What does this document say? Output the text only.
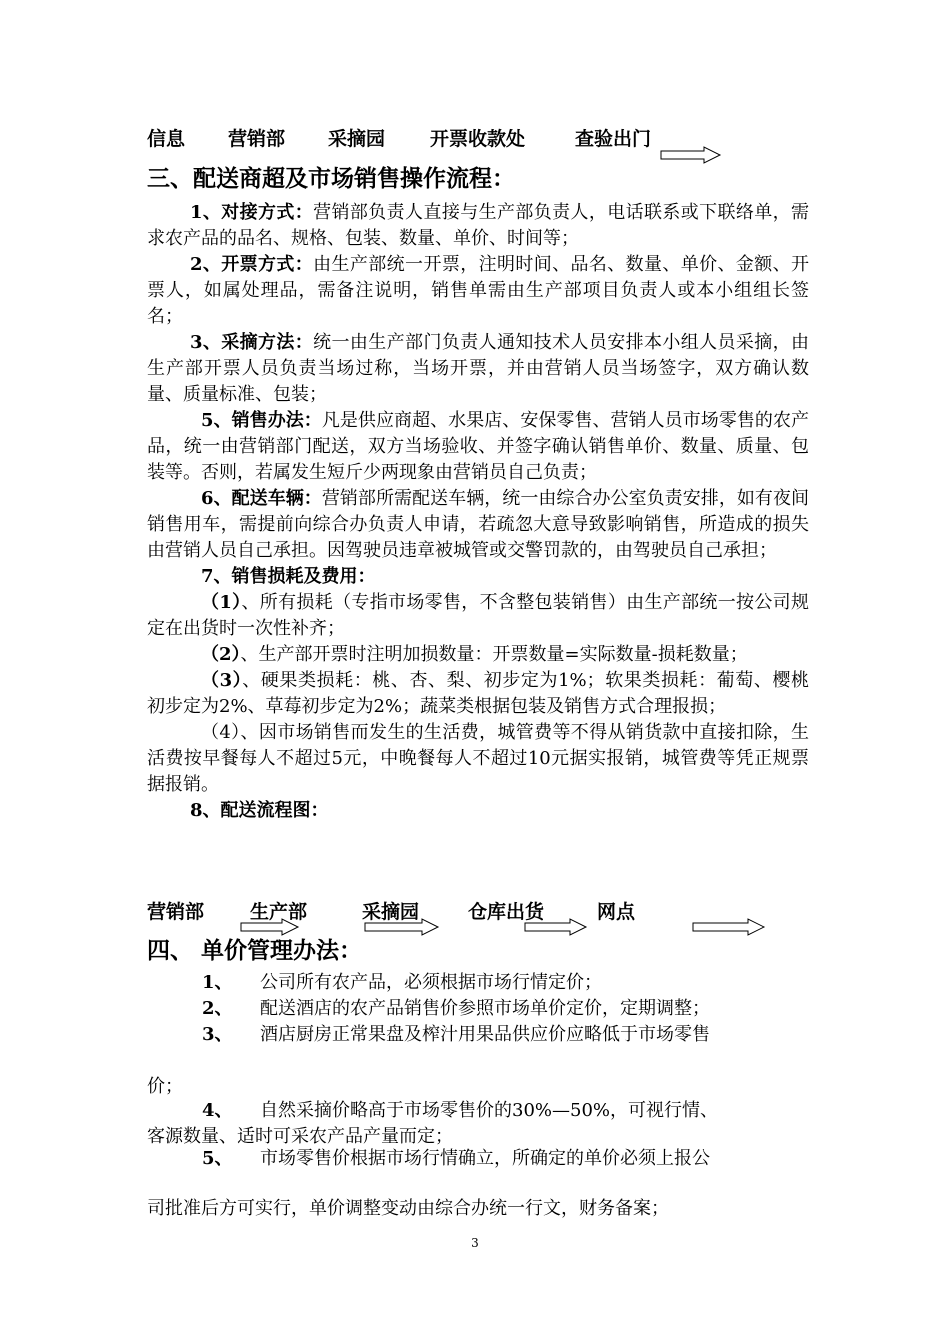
信息 营销部 采摘园 开票收款处	查验出门
三、配送商超及市场销售操作流程：

1、对接方式：营销部负责人直接与生产部负责人，电话联系或下联络单，需求农产品的品名、规格、包装、数量、单价、时间等；

2、开票方式：由生产部统一开票，注明时间、品名、数量、单价、金额、开票人，如属处理品，需备注说明，销售单需由生产部项目负责人或本小组组长签名；

3、采摘方法：统一由生产部门负责人通知技术人员安排本小组人员采摘，由生产部开票人员负责当场过称，当场开票，并由营销人员当场签字，双方确认数量、质量标准、包装；

5、销售办法：凡是供应商超、水果店、安保零售、营销人员市场零售的农产品，统一由营销部门配送，双方当场验收、并签字确认销售单价、数量、质量、包装等。否则，若属发生短斤少两现象由营销员自己负责；

6、配送车辆：营销部所需配送车辆，统一由综合办公室负责安排，如有夜间销售用车，需提前向综合办负责人申请，若疏忽大意导致影响销售，所造成的损失由营销人员自己承担。因驾驶员违章被城管或交警罚款的，由驾驶员自己承担；

7、销售损耗及费用：

（1）、所有损耗（专指市场零售，不含整包装销售）由生产部统一按公司规定在出货时一次性补齐；

（2）、生产部开票时注明加损数量：开票数量=实际数量-损耗数量；

（3）、硬果类损耗：桃、杏、梨、初步定为1%；软果类损耗：葡萄、樱桃初步定为2%、草莓初步定为2%；蔬菜类根据包装及销售方式合理报损；

（4）、因市场销售而发生的生活费，城管费等不得从销货款中直接扣除，生活费按早餐每人不超过5元，中晚餐每人不超过10元据实报销，城管费等凭正规票据报销。

8、配送流程图：

营销部 生产部	采摘园	仓库出货	网点
四、 单价管理办法：
1、 公司所有农产品，必须根据市场行情定价；
2、 配送酒店的农产品销售价参照市场单价定价，定期调整；
3、 酒店厨房正常果盘及榨汁用果品供应价应略低于市场零售

价；

4、 自然采摘价略高于市场零售价的30%—50%，可视行情、

客源数量、适时可采农产品产量而定；

5、 市场零售价根据市场行情确立，所确定的单价必须上报公

司批准后方可实行，单价调整变动由综合办统一行文，财务备案；

3
